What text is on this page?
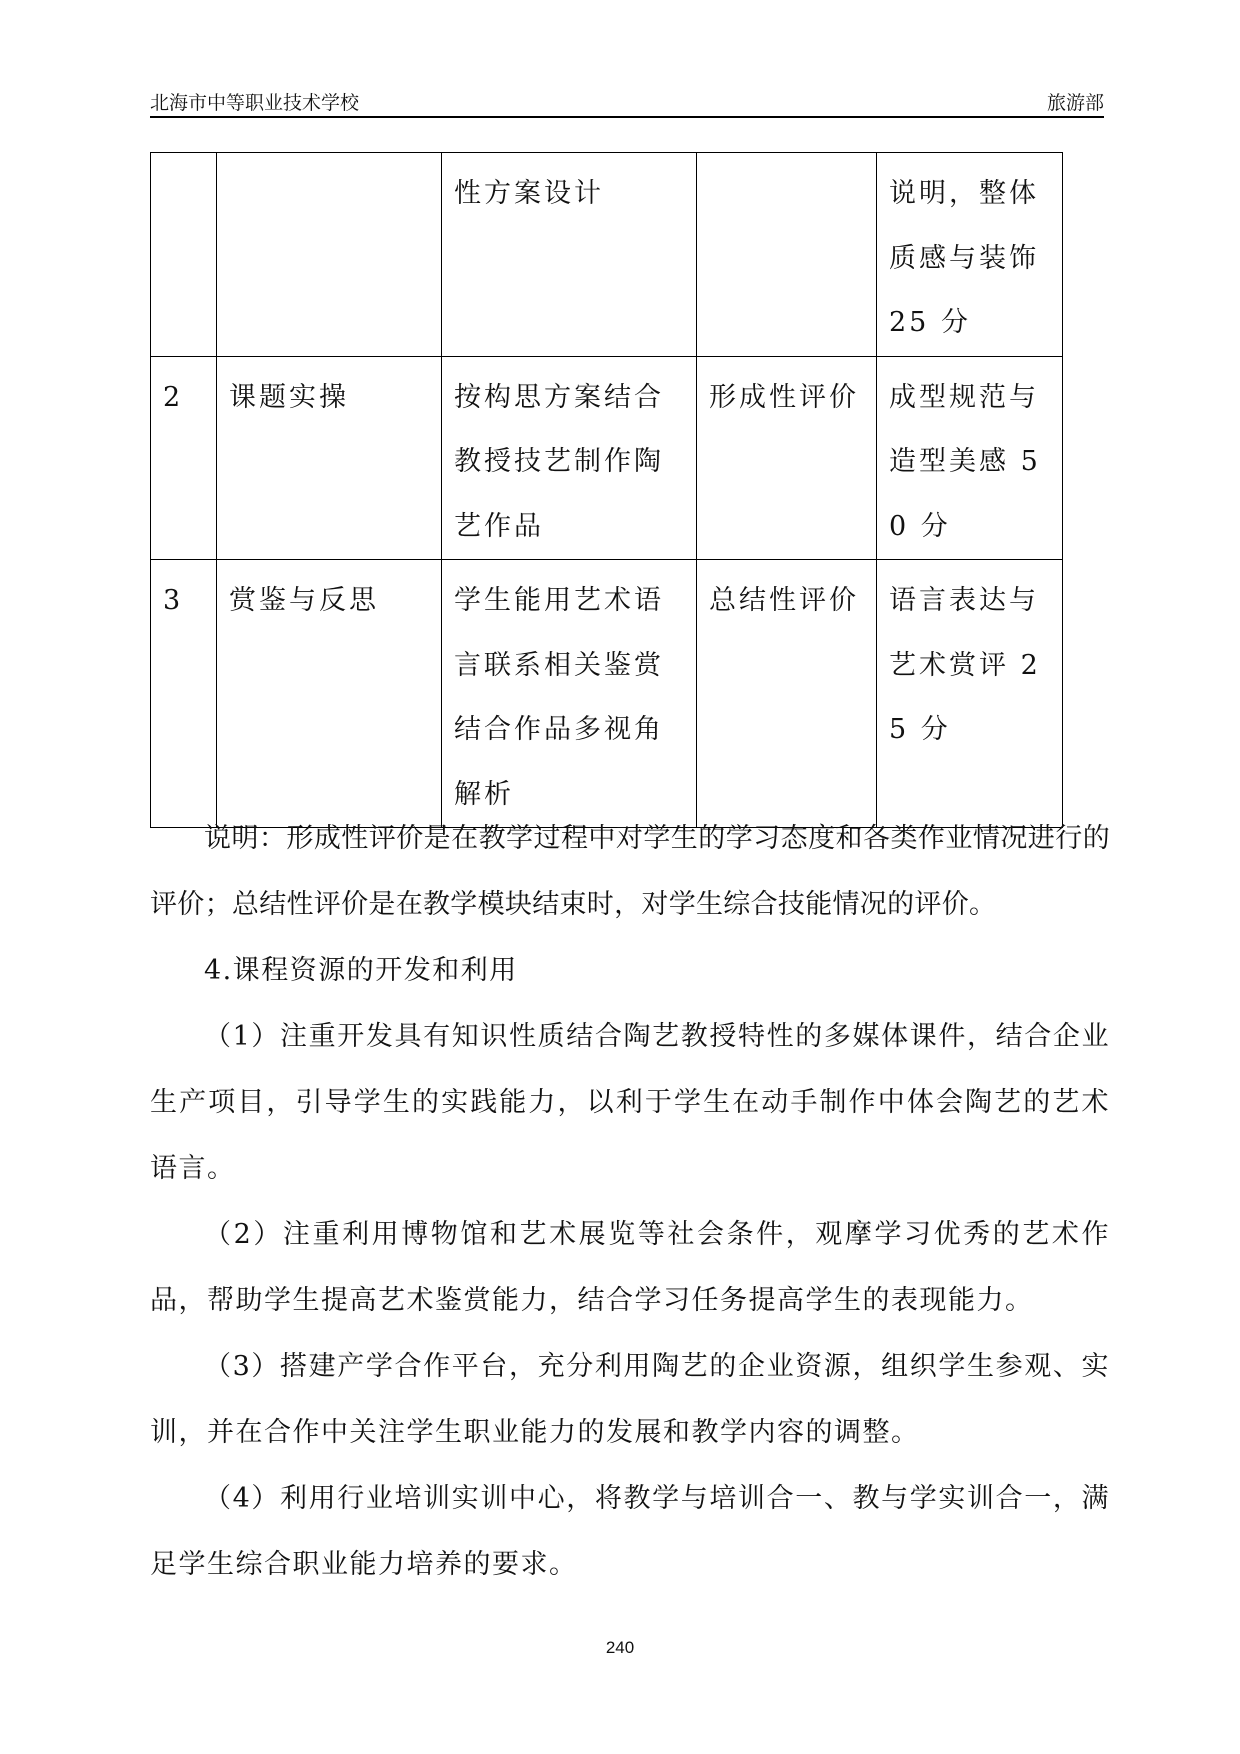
北海市中等职业技术学校	旅游部
		性方案设计		说明，整体质感与装饰 25 分
2	课题实操	按构思方案结合教授技艺制作陶艺作品	形成性评价	成型规范与造型美感 50 分
3	赏鉴与反思	学生能用艺术语言联系相关鉴赏结合作品多视角解析	总结性评价	语言表达与艺术赏评 25 分

说明：形成性评价是在教学过程中对学生的学习态度和各类作业情况进行的评价；总结性评价是在教学模块结束时，对学生综合技能情况的评价。

4.课程资源的开发和利用

（1）注重开发具有知识性质结合陶艺教授特性的多媒体课件，结合企业生产项目，引导学生的实践能力，以利于学生在动手制作中体会陶艺的艺术语言。

（2）注重利用博物馆和艺术展览等社会条件，观摩学习优秀的艺术作品，帮助学生提高艺术鉴赏能力，结合学习任务提高学生的表现能力。

（3）搭建产学合作平台，充分利用陶艺的企业资源，组织学生参观、实训，并在合作中关注学生职业能力的发展和教学内容的调整。

（4）利用行业培训实训中心，将教学与培训合一、教与学实训合一，满足学生综合职业能力培养的要求。

240
